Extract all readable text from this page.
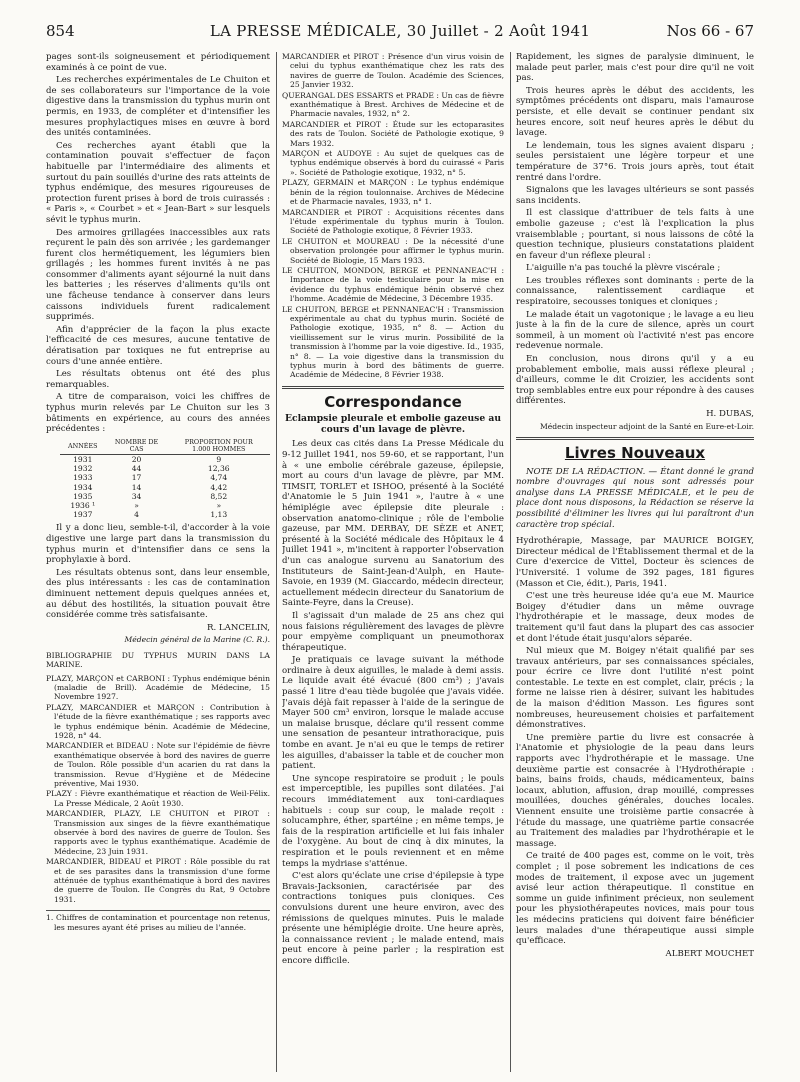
854	LA PRESSE MÉDICALE, 30 Juillet - 2 Août 1941	Nos 66 - 67

pages sont-ils soigneusement et périodiquement examinés à ce point de vue.

Les recherches expérimentales de Le Chuiton et de ses collaborateurs sur l'importance de la voie digestive dans la transmission du typhus murin ont permis, en 1933, de compléter et d'intensifier les mesures prophylactiques mises en œuvre à bord des unités contaminées.

Ces recherches ayant établi que la contamination pouvait s'effectuer de façon habituelle par l'intermédiaire des aliments et surtout du pain souillés d'urine des rats atteints de typhus endémique, des mesures rigoureuses de protection furent prises à bord de trois cuirassés : « Paris », « Courbet » et « Jean-Bart » sur lesquels sévit le typhus murin.

Des armoires grillagées inaccessibles aux rats reçurent le pain dès son arrivée ; les gardemanger furent clos hermétiquement, les légumiers bien grillagés ; les hommes furent invités à ne pas consommer d'aliments ayant séjourné la nuit dans les batteries ; les réserves d'aliments qu'ils ont une fâcheuse tendance à conserver dans leurs caissons individuels furent radicalement supprimés.

Afin d'apprécier de la façon la plus exacte l'efficacité de ces mesures, aucune tentative de dératisation par toxiques ne fut entreprise au cours d'une année entière.

Les résultats obtenus ont été des plus remarquables.

A titre de comparaison, voici les chiffres de typhus murin relevés par Le Chuiton sur les 3 bâtiments en expérience, au cours des années précédentes :

ANNÉES	NOMBRE DE CAS	PROPORTION POUR 1.000 HOMMES
1931	20	9
1932	44	12,36
1933	17	4,74
1934	14	4,42
1935	34	8,52
1936 ¹	»	»
1937	4	1,13

Il y a donc lieu, semble-t-il, d'accorder à la voie digestive une large part dans la transmission du typhus murin et d'intensifier dans ce sens la prophylaxie à bord.

Les résultats obtenus sont, dans leur ensemble, des plus intéressants : les cas de contamination diminuent nettement depuis quelques années et, au début des hostilités, la situation pouvait être considérée comme très satisfaisante.

R. LANCELIN,

Médecin général de la Marine (C. R.).

BIBLIOGRAPHIE DU TYPHUS MURIN DANS LA MARINE.

PLAZY, MARÇON et CARBONI : Typhus endémique bénin (maladie de Brill). Académie de Médecine, 15 Novembre 1927.

PLAZY, MARCANDIER et MARÇON : Contribution à l'étude de la fièvre exanthématique ; ses rapports avec le typhus endémique bénin. Académie de Médecine, 1928, n° 44.

MARCANDIER et BIDEAU : Note sur l'épidémie de fièvre exanthématique observée à bord des navires de guerre de Toulon. Rôle possible d'un acarien du rat dans la transmission. Revue d'Hygiène et de Médecine préventive, Mai 1930.

PLAZY : Fièvre exanthématique et réaction de Weil-Félix. La Presse Médicale, 2 Août 1930.

MARCANDIER, PLAZY, LE CHUITON et PIROT : Transmission aux singes de la fièvre exanthématique observée à bord des navires de guerre de Toulon. Ses rapports avec le typhus exanthématique. Académie de Médecine, 23 Juin 1931.

MARCANDIER, BIDEAU et PIROT : Rôle possible du rat et de ses parasites dans la transmission d'une forme atténuée de typhus exanthématique à bord des navires de guerre de Toulon. IIe Congrès du Rat, 9 Octobre 1931.

1. Chiffres de contamination et pourcentage non retenus, les mesures ayant été prises au milieu de l'année.

MARCANDIER et PIROT : Présence d'un virus voisin de celui du typhus exanthématique chez les rats des navires de guerre de Toulon. Académie des Sciences, 25 Janvier 1932.

QUERANGAL DES ESSARTS et PRADE : Un cas de fièvre exanthématique à Brest. Archives de Médecine et de Pharmacie navales, 1932, n° 2.

MARCANDIER et PIROT : Étude sur les ectoparasites des rats de Toulon. Société de Pathologie exotique, 9 Mars 1932.

MARÇON et AUDOYE : Au sujet de quelques cas de typhus endémique observés à bord du cuirassé « Paris ». Société de Pathologie exotique, 1932, n° 5.

PLAZY, GERMAIN et MARÇON : Le typhus endémique bénin de la région toulonnaise. Archives de Médecine et de Pharmacie navales, 1933, n° 1.

MARCANDIER et PIROT : Acquisitions récentes dans l'étude expérimentale du typhus murin à Toulon. Société de Pathologie exotique, 8 Février 1933.

LE CHUITON et MOUREAU : De la nécessité d'une observation prolongée pour affirmer le typhus murin. Société de Biologie, 15 Mars 1933.

LE CHUITON, MONDON, BERGE et PENNANEAC'H : Importance de la voie testiculaire pour la mise en évidence du typhus endémique bénin observé chez l'homme. Académie de Médecine, 3 Décembre 1935.

LE CHUITON, BERGE et PENNANEAC'H : Transmission expérimentale au chat du typhus murin. Société de Pathologie exotique, 1935, n° 8. — Action du vieillissement sur le virus murin. Possibilité de la transmission à l'homme par la voie digestive. Id., 1935, n° 8. — La voie digestive dans la transmission du typhus murin à bord des bâtiments de guerre. Académie de Médecine, 8 Février 1938.

Correspondance
Eclampsie pleurale et embolie gazeuse au cours d'un lavage de plèvre.

Les deux cas cités dans La Presse Médicale du 9-12 Juillet 1941, nos 59-60, et se rapportant, l'un à « une embolie cérébrale gazeuse, épilepsie, mort au cours d'un lavage de plèvre, par MM. TIMSIT, TORLET et ISHOO, présenté à la Société d'Anatomie le 5 Juin 1941 », l'autre à « une hémiplégie avec épilepsie dite pleurale : observation anatomo-clinique ; rôle de l'embolie gazeuse, par MM. DERBAY, DE SÈZE et ANET, présenté à la Société médicale des Hôpitaux le 4 Juillet 1941 », m'incitent à rapporter l'observation d'un cas analogue survenu au Sanatorium des Instituteurs de Saint-Jean-d'Aulph, en Haute-Savoie, en 1939 (M. Giaccardo, médecin directeur, actuellement médecin directeur du Sanatorium de Sainte-Feyre, dans la Creuse).

Il s'agissait d'un malade de 25 ans chez qui nous faisions régulièrement des lavages de plèvre pour empyème compliquant un pneumothorax thérapeutique.

Je pratiquais ce lavage suivant la méthode ordinaire à deux aiguilles, le malade à demi assis. Le liquide avait été évacué (800 cm³) ; j'avais passé 1 litre d'eau tiède bugolée que j'avais vidée. J'avais déjà fait repasser à l'aide de la seringue de Mayer 500 cm³ environ, lorsque le malade accuse un malaise brusque, déclare qu'il ressent comme une sensation de pesanteur intrathoracique, puis tombe en avant. Je n'ai eu que le temps de retirer les aiguilles, d'abaisser la table et de coucher mon patient.

Une syncope respiratoire se produit ; le pouls est imperceptible, les pupilles sont dilatées. J'ai recours immédiatement aux toni-cardiaques habituels : coup sur coup, le malade reçoit : solucamphre, éther, spartéine ; en même temps, je fais de la respiration artificielle et lui fais inhaler de l'oxygène. Au bout de cinq à dix minutes, la respiration et le pouls reviennent et en même temps la mydriase s'atténue.

C'est alors qu'éclate une crise d'épilepsie à type Bravais-Jacksonien, caractérisée par des contractions toniques puis cloniques. Ces convulsions durent une heure environ, avec des rémissions de quelques minutes. Puis le malade présente une hémiplégie droite. Une heure après, la connaissance revient ; le malade entend, mais peut encore à peine parler ; la respiration est encore difficile.

Rapidement, les signes de paralysie diminuent, le malade peut parler, mais c'est pour dire qu'il ne voit pas.

Trois heures après le début des accidents, les symptômes précédents ont disparu, mais l'amaurose persiste, et elle devait se continuer pendant six heures encore, soit neuf heures après le début du lavage.

Le lendemain, tous les signes avaient disparu ; seules persistaient une légère torpeur et une température de 37°6. Trois jours après, tout était rentré dans l'ordre.

Signalons que les lavages ultérieurs se sont passés sans incidents.

Il est classique d'attribuer de tels faits à une embolie gazeuse ; c'est là l'explication la plus vraisemblable ; pourtant, si nous laissons de côté la question technique, plusieurs constatations plaident en faveur d'un réflexe pleural :

L'aiguille n'a pas touché la plèvre viscérale ;

Les troubles réflexes sont dominants : perte de la connaissance, ralentissement cardiaque et respiratoire, secousses toniques et cloniques ;

Le malade était un vagotonique ; le lavage a eu lieu juste à la fin de la cure de silence, après un court sommeil, à un moment où l'activité n'est pas encore redevenue normale.

En conclusion, nous dirons qu'il y a eu probablement embolie, mais aussi réflexe pleural ; d'ailleurs, comme le dit Croizier, les accidents sont trop semblables entre eux pour répondre à des causes différentes.

H. DUBAS,

Médecin inspecteur adjoint de la Santé en Eure-et-Loir.

Livres Nouveaux

NOTE DE LA RÉDACTION. — Étant donné le grand nombre d'ouvrages qui nous sont adressés pour analyse dans LA PRESSE MÉDICALE, et le peu de place dont nous disposons, la Rédaction se réserve la possibilité d'éliminer les livres qui lui paraîtront d'un caractère trop spécial.

Hydrothérapie, Massage, par MAURICE BOIGEY, Directeur médical de l'Établissement thermal et de la Cure d'exercice de Vittel, Docteur ès sciences de l'Université. 1 volume de 392 pages, 181 figures (Masson et Cie, édit.), Paris, 1941.

C'est une très heureuse idée qu'a eue M. Maurice Boigey d'étudier dans un même ouvrage l'hydrothérapie et le massage, deux modes de traitement qu'il faut dans la plupart des cas associer et dont l'étude était jusqu'alors séparée.

Nul mieux que M. Boigey n'était qualifié par ses travaux antérieurs, par ses connaissances spéciales, pour écrire ce livre dont l'utilité n'est point contestable. Le texte en est complet, clair, précis ; la forme ne laisse rien à désirer, suivant les habitudes de la maison d'édition Masson. Les figures sont nombreuses, heureusement choisies et parfaitement démonstratives.

Une première partie du livre est consacrée à l'Anatomie et physiologie de la peau dans leurs rapports avec l'hydrothérapie et le massage. Une deuxième partie est consacrée à l'Hydrothérapie : bains, bains froids, chauds, médicamenteux, bains locaux, ablution, affusion, drap mouillé, compresses mouillées, douches générales, douches locales. Viennent ensuite une troisième partie consacrée à l'étude du massage, une quatrième partie consacrée au Traitement des maladies par l'hydrothérapie et le massage.

Ce traité de 400 pages est, comme on le voit, très complet ; il pose sobrement les indications de ces modes de traitement, il expose avec un jugement avisé leur action thérapeutique. Il constitue en somme un guide infiniment précieux, non seulement pour les physiothérapeutes novices, mais pour tous les médecins praticiens qui doivent faire bénéficier leurs malades d'une thérapeutique aussi simple qu'efficace.

ALBERT MOUCHET
